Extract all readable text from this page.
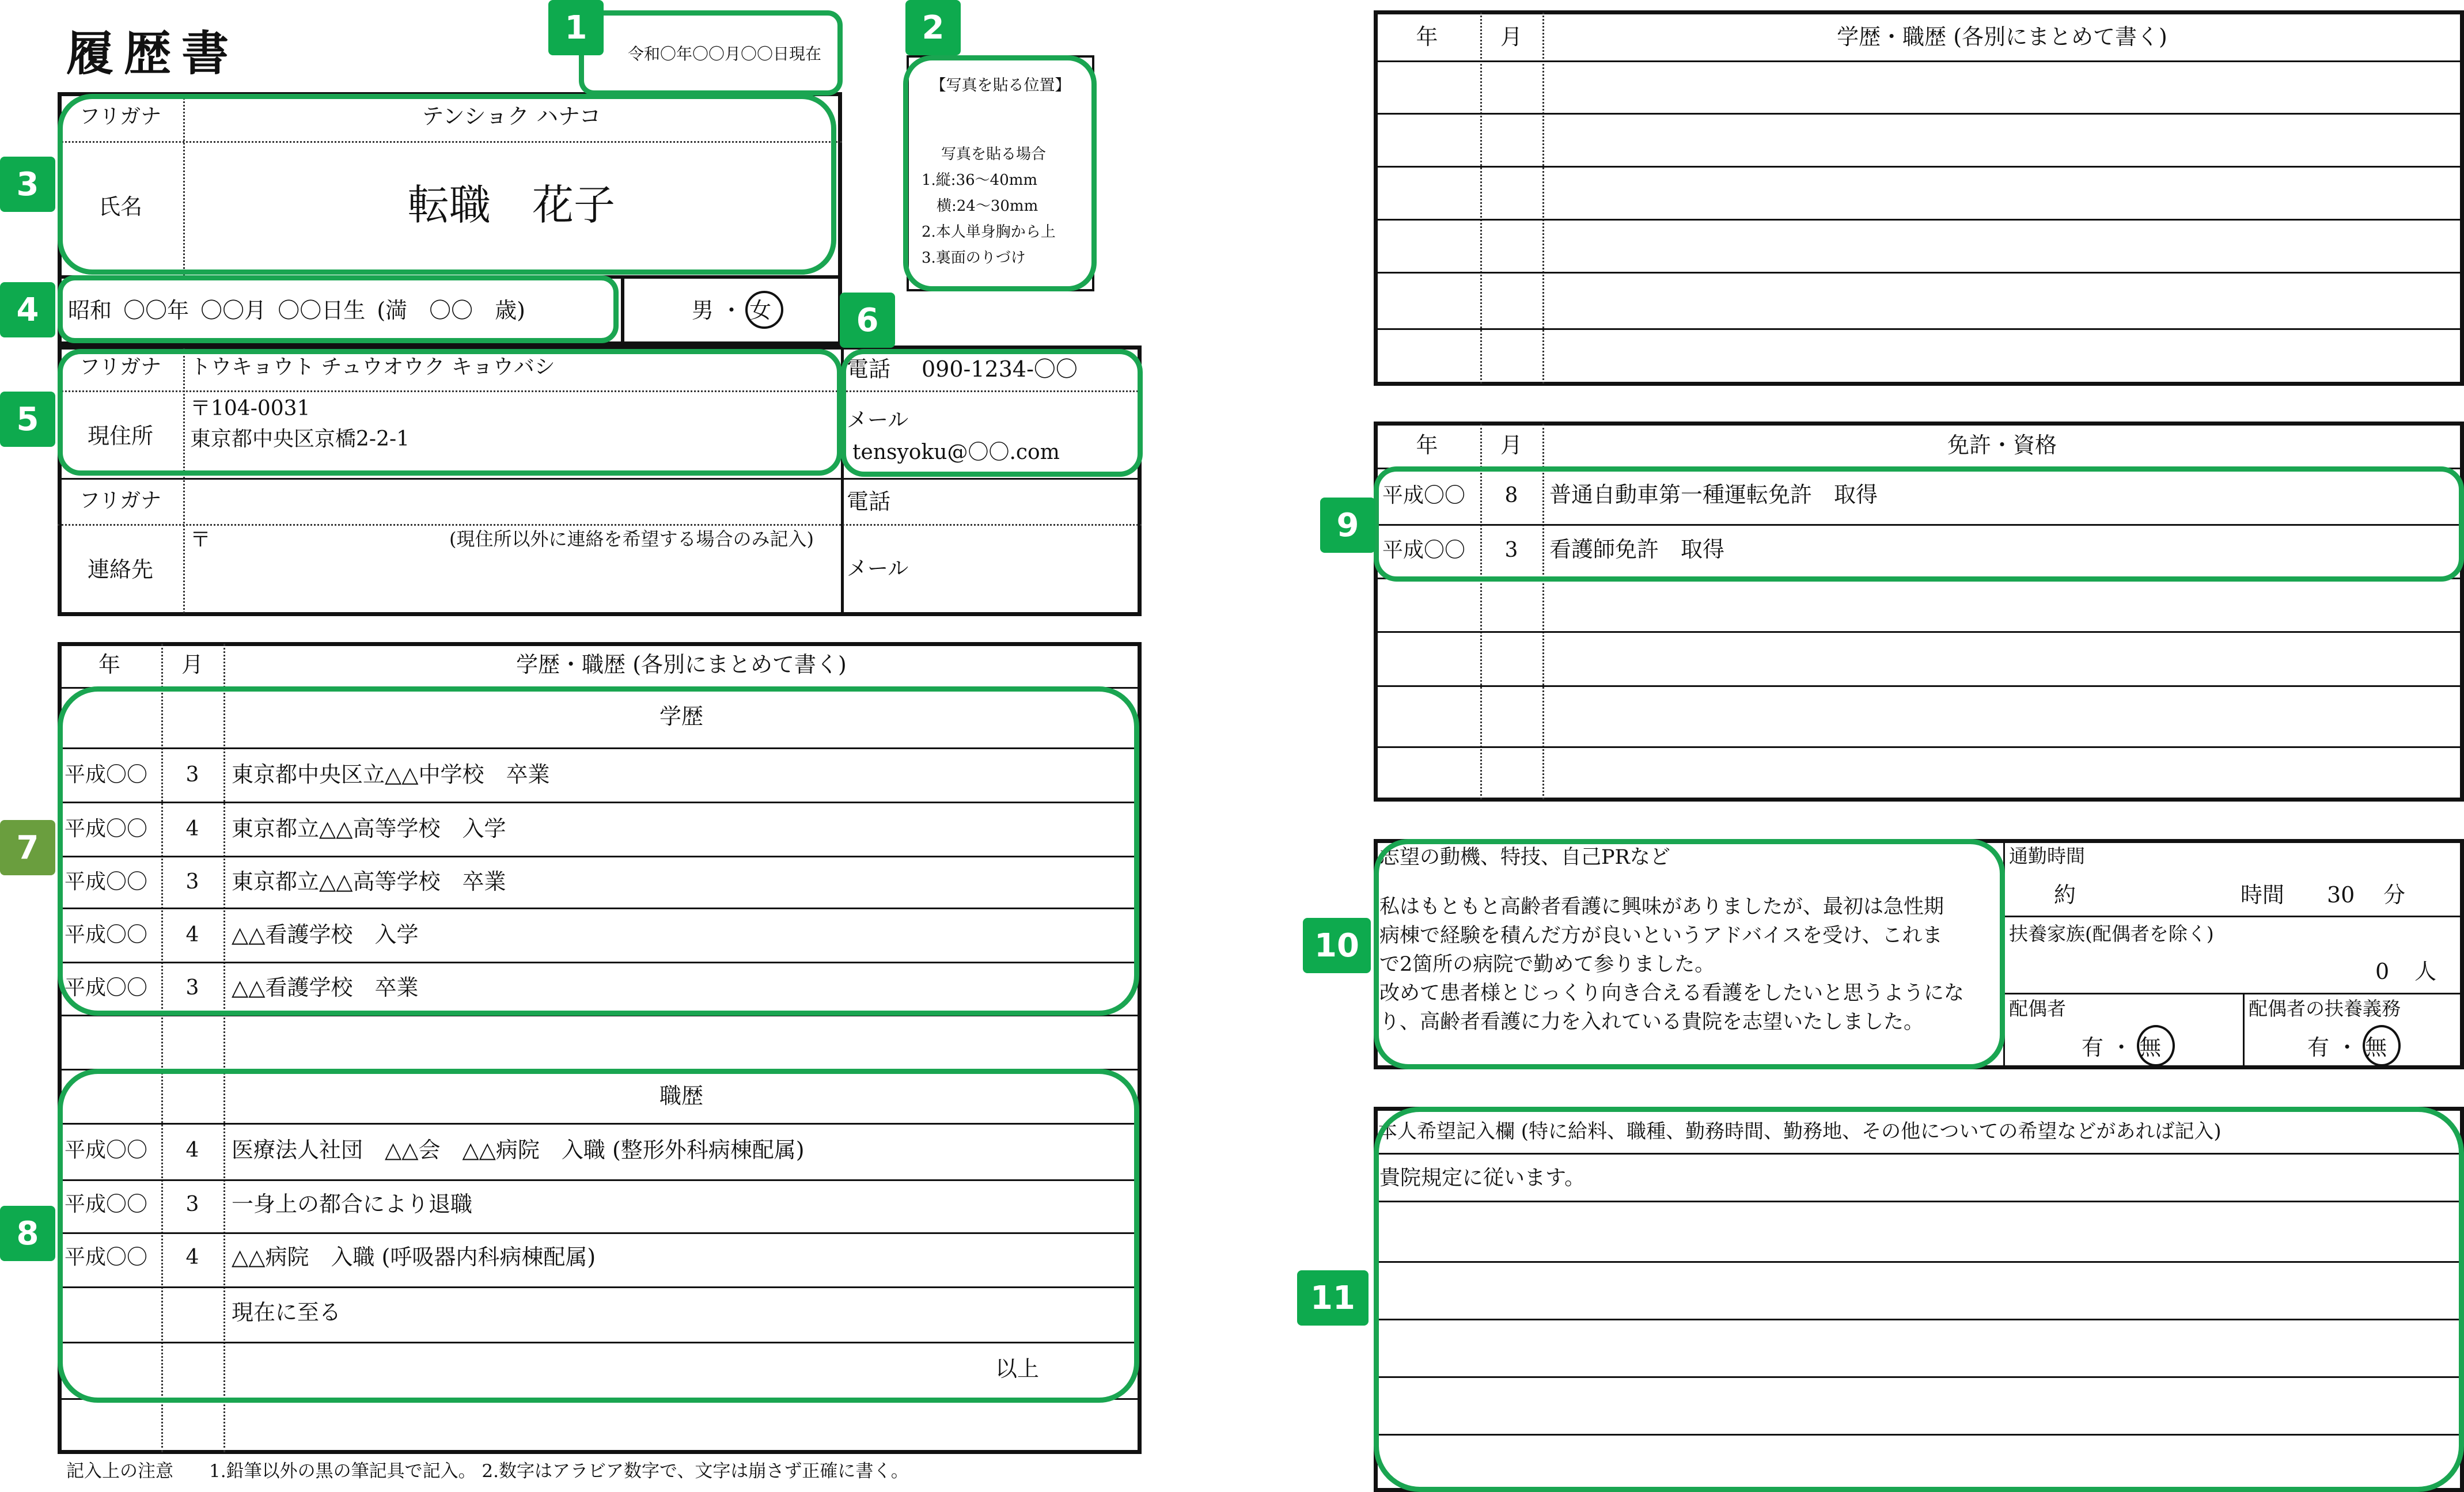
履歴書	令和〇年〇〇月〇〇日現在
【写真を貼る位置】
写真を貼る場合
1.縦:36〜40mm
　横:24〜30mm
2.本人単身胸から上
3.裏面のりづけ
フリガナ	テンショク ハナコ
氏名	転職　花子
昭和 〇〇年 〇〇月 〇〇日生 (満　〇〇　歳)	男 ・ 女
フリガナ	トウキョウト チュウオウク キョウバシ
現住所
〒104-0031
東京都中央区京橋2-2-1
電話 090-1234-〇〇
メール
tensyoku@〇〇.com
フリガナ	電話
連絡先
〒	(現住所以外に連絡を希望する場合のみ記入)
メール
年	月	学歴・職歴 (各別にまとめて書く)
学歴
平成〇〇	3	東京都中央区立△△中学校　卒業
平成〇〇	4	東京都立△△高等学校　入学
平成〇〇	3	東京都立△△高等学校　卒業
平成〇〇	4	△△看護学校　入学
平成〇〇	3	△△看護学校　卒業
職歴
平成〇〇	4	医療法人社団　△△会　△△病院　入職 (整形外科病棟配属)
平成〇〇	3	一身上の都合により退職
平成〇〇	4	△△病院　入職 (呼吸器内科病棟配属)
現在に至る
以上
記入上の注意　　1.鉛筆以外の黒の筆記具で記入。 2.数字はアラビア数字で、文字は崩さず正確に書く。
年	月	学歴・職歴 (各別にまとめて書く)
年	月	免許・資格
平成〇〇	8	普通自動車第一種運転免許　取得
平成〇〇	3	看護師免許　取得
志望の動機、特技、自己PRなど
私はもともと高齢者看護に興味がありましたが、最初は急性期
病棟で経験を積んだ方が良いというアドバイスを受け、これま
で2箇所の病院で勤めて参りました。
改めて患者様とじっくり向き合える看護をしたいと思うようにな
り、高齢者看護に力を入れている貴院を志望いたしました。
通勤時間
約	時間 30 分
扶養家族(配偶者を除く)
0 人
配偶者
有 ・ 無
配偶者の扶養義務
有 ・ 無
本人希望記入欄 (特に給料、職種、勤務時間、勤務地、その他についての希望などがあれば記入)
貴院規定に従います。
1	2
3
4
5
6
7
8
9
10
11
